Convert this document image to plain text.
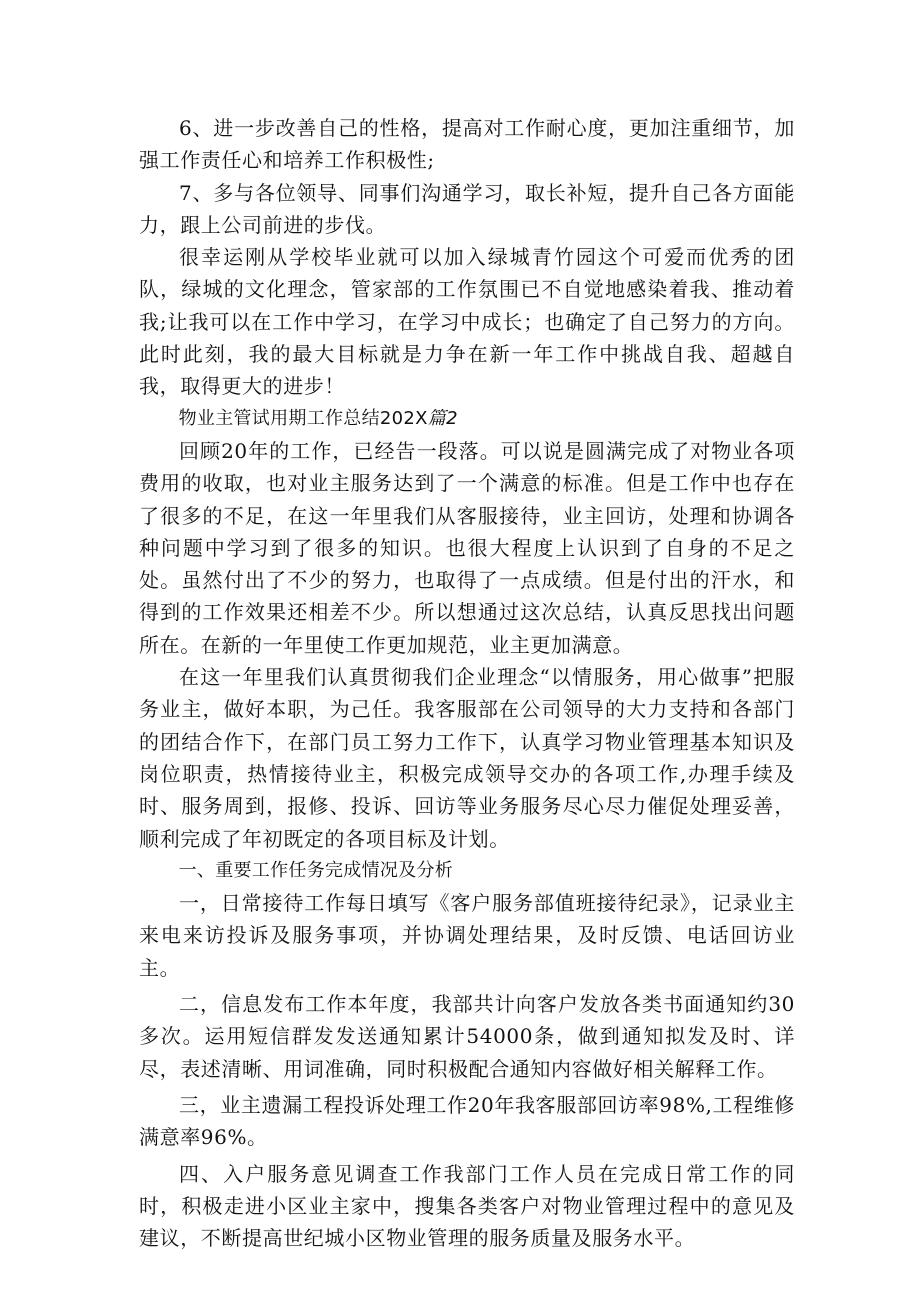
6、进一步改善自己的性格，提高对工作耐心度，更加注重细节，加强工作责任心和培养工作积极性;

7、多与各位领导、同事们沟通学习，取长补短，提升自己各方面能力，跟上公司前进的步伐。

很幸运刚从学校毕业就可以加入绿城青竹园这个可爱而优秀的团队，绿城的文化理念，管家部的工作氛围已不自觉地感染着我、推动着我;让我可以在工作中学习，在学习中成长；也确定了自己努力的方向。此时此刻，我的最大目标就是力争在新一年工作中挑战自我、超越自我，取得更大的进步！

物业主管试用期工作总结202X篇2

回顾20年的工作，已经告一段落。可以说是圆满完成了对物业各项费用的收取，也对业主服务达到了一个满意的标准。但是工作中也存在了很多的不足，在这一年里我们从客服接待，业主回访，处理和协调各种问题中学习到了很多的知识。也很大程度上认识到了自身的不足之处。虽然付出了不少的努力，也取得了一点成绩。但是付出的汗水，和得到的工作效果还相差不少。所以想通过这次总结，认真反思找出问题所在。在新的一年里使工作更加规范，业主更加满意。

在这一年里我们认真贯彻我们企业理念“以情服务，用心做事”把服务业主，做好本职，为己任。我客服部在公司领导的大力支持和各部门的团结合作下，在部门员工努力工作下，认真学习物业管理基本知识及岗位职责，热情接待业主，积极完成领导交办的各项工作,办理手续及时、服务周到，报修、投诉、回访等业务服务尽心尽力催促处理妥善，顺利完成了年初既定的各项目标及计划。

一、重要工作任务完成情况及分析

一，日常接待工作每日填写《客户服务部值班接待纪录》，记录业主来电来访投诉及服务事项，并协调处理结果，及时反馈、电话回访业主。

二，信息发布工作本年度，我部共计向客户发放各类书面通知约30多次。运用短信群发发送通知累计54000条，做到通知拟发及时、详尽，表述清晰、用词准确，同时积极配合通知内容做好相关解释工作。

三，业主遗漏工程投诉处理工作20年我客服部回访率98%,工程维修满意率96%。

四、入户服务意见调查工作我部门工作人员在完成日常工作的同时，积极走进小区业主家中，搜集各类客户对物业管理过程中的意见及建议，不断提高世纪城小区物业管理的服务质量及服务水平。
